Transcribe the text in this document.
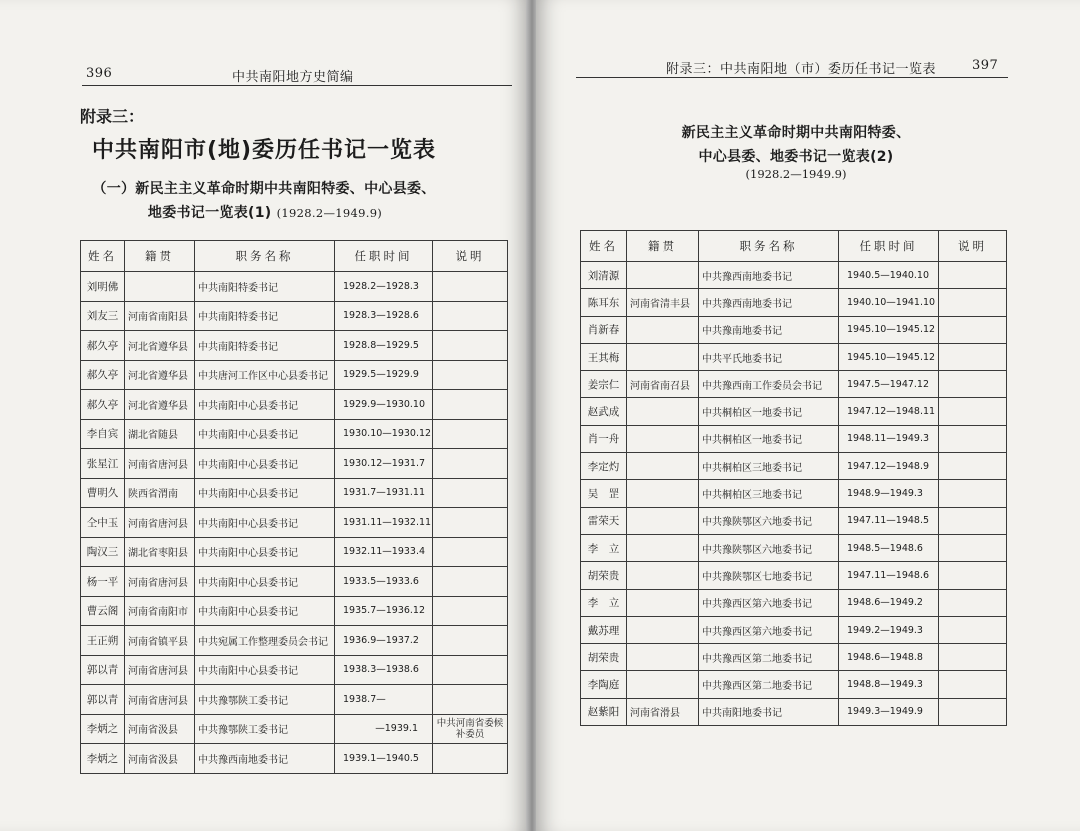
396	中共南阳地方史简编
附录三：
中共南阳市(地)委历任书记一览表
（一）新民主主义革命时期中共南阳特委、中心县委、
地委书记一览表(1) (1928.2—1949.9)
姓名	籍贯	职务名称	任职时间	说明
刘明佛		中共南阳特委书记	1928.2—1928.3	
刘友三	河南省南阳县	中共南阳特委书记	1928.3—1928.6	
郝久亭	河北省遵华县	中共南阳特委书记	1928.8—1929.5	
郝久亭	河北省遵华县	中共唐河工作区中心县委书记	1929.5—1929.9	
郝久亭	河北省遵华县	中共南阳中心县委书记	1929.9—1930.10	
李自宾	湖北省随县	中共南阳中心县委书记	1930.10—1930.12	
张星江	河南省唐河县	中共南阳中心县委书记	1930.12—1931.7	
曹明久	陕西省渭南	中共南阳中心县委书记	1931.7—1931.11	
仝中玉	河南省唐河县	中共南阳中心县委书记	1931.11—1932.11	
陶汉三	湖北省枣阳县	中共南阳中心县委书记	1932.11—1933.4	
杨一平	河南省唐河县	中共南阳中心县委书记	1933.5—1933.6	
曹云阁	河南省南阳市	中共南阳中心县委书记	1935.7—1936.12	
王正朔	河南省镇平县	中共宛属工作整理委员会书记	1936.9—1937.2	
郭以青	河南省唐河县	中共南阳中心县委书记	1938.3—1938.6	
郭以青	河南省唐河县	中共豫鄂陕工委书记	1938.7—	
李炳之	河南省汲县	中共豫鄂陕工委书记	—1939.1	中共河南省委候补委员
李炳之	河南省汲县	中共豫西南地委书记	1939.1—1940.5	
附录三：中共南阳地（市）委历任书记一览表	397
新民主主义革命时期中共南阳特委、
中心县委、地委书记一览表(2)
(1928.2—1949.9)
姓名	籍贯	职务名称	任职时间	说明
刘清源		中共豫西南地委书记	1940.5—1940.10	
陈耳东	河南省清丰县	中共豫西南地委书记	1940.10—1941.10	
肖新春		中共豫南地委书记	1945.10—1945.12	
王其梅		中共平氏地委书记	1945.10—1945.12	
姜宗仁	河南省南召县	中共豫西南工作委员会书记	1947.5—1947.12	
赵武成		中共桐柏区一地委书记	1947.12—1948.11	
肖一舟		中共桐柏区一地委书记	1948.11—1949.3	
李定灼		中共桐柏区三地委书记	1947.12—1948.9	
吴　罡		中共桐柏区三地委书记	1948.9—1949.3	
雷荣天		中共豫陕鄂区六地委书记	1947.11—1948.5	
李　立		中共豫陕鄂区六地委书记	1948.5—1948.6	
胡荣贵		中共豫陕鄂区七地委书记	1947.11—1948.6	
李　立		中共豫西区第六地委书记	1948.6—1949.2	
戴苏理		中共豫西区第六地委书记	1949.2—1949.3	
胡荣贵		中共豫西区第二地委书记	1948.6—1948.8	
李陶庭		中共豫西区第二地委书记	1948.8—1949.3	
赵紫阳	河南省滑县	中共南阳地委书记	1949.3—1949.9	
